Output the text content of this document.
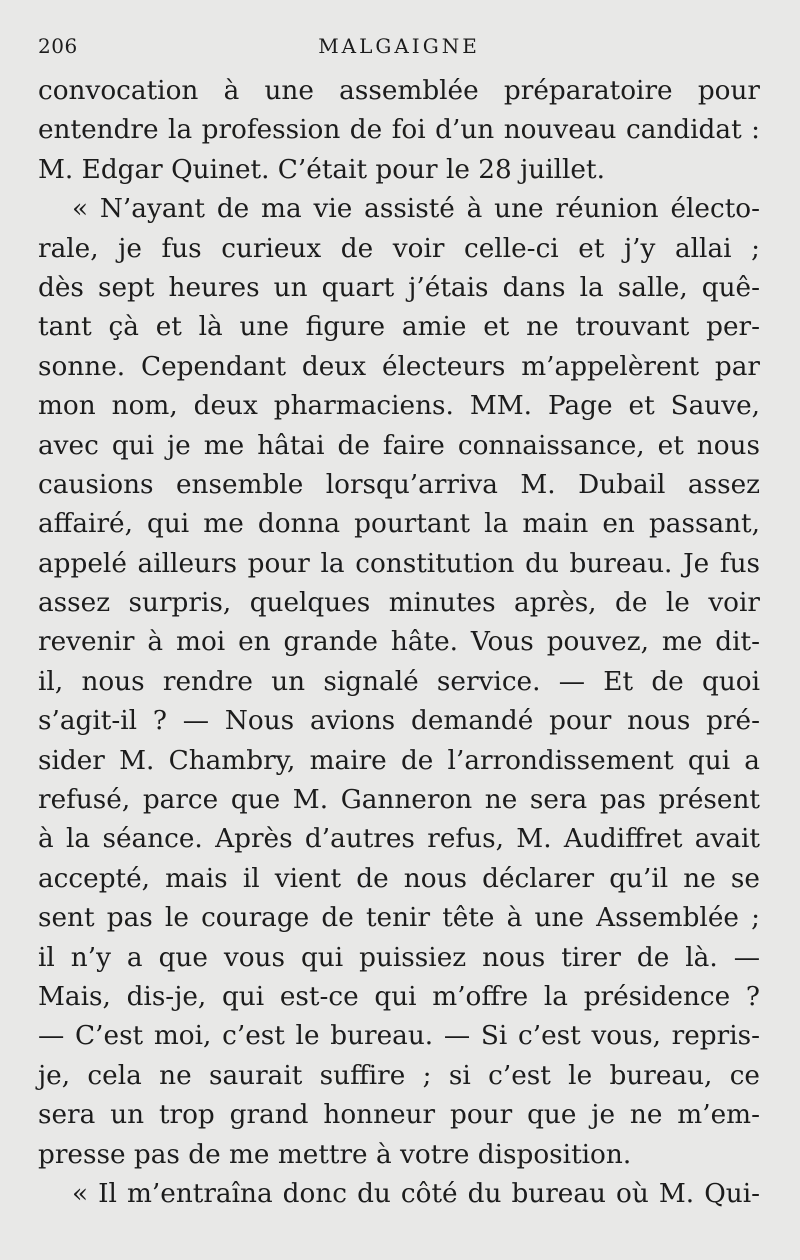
206	MALGAIGNE
convocation à une assemblée préparatoire pour
entendre la profession de foi d’un nouveau candidat :
M. Edgar Quinet. C’était pour le 28 juillet.
« N’ayant de ma vie assisté à une réunion électo-
rale, je fus curieux de voir celle-ci et j’y allai ;
dès sept heures un quart j’étais dans la salle, quê-
tant çà et là une figure amie et ne trouvant per-
sonne. Cependant deux électeurs m’appelèrent par
mon nom, deux pharmaciens. MM. Page et Sauve,
avec qui je me hâtai de faire connaissance, et nous
causions ensemble lorsqu’arriva M. Dubail assez
affairé, qui me donna pourtant la main en passant,
appelé ailleurs pour la constitution du bureau. Je fus
assez surpris, quelques minutes après, de le voir
revenir à moi en grande hâte. Vous pouvez, me dit-
il, nous rendre un signalé service. — Et de quoi
s’agit-il ? — Nous avions demandé pour nous pré-
sider M. Chambry, maire de l’arrondissement qui a
refusé, parce que M. Ganneron ne sera pas présent
à la séance. Après d’autres refus, M. Audiffret avait
accepté, mais il vient de nous déclarer qu’il ne se
sent pas le courage de tenir tête à une Assemblée ;
il n’y a que vous qui puissiez nous tirer de là. —
Mais, dis-je, qui est-ce qui m’offre la présidence ?
— C’est moi, c’est le bureau. — Si c’est vous, repris-
je, cela ne saurait suffire ; si c’est le bureau, ce
sera un trop grand honneur pour que je ne m’em-
presse pas de me mettre à votre disposition.
« Il m’entraîna donc du côté du bureau où M. Qui-
